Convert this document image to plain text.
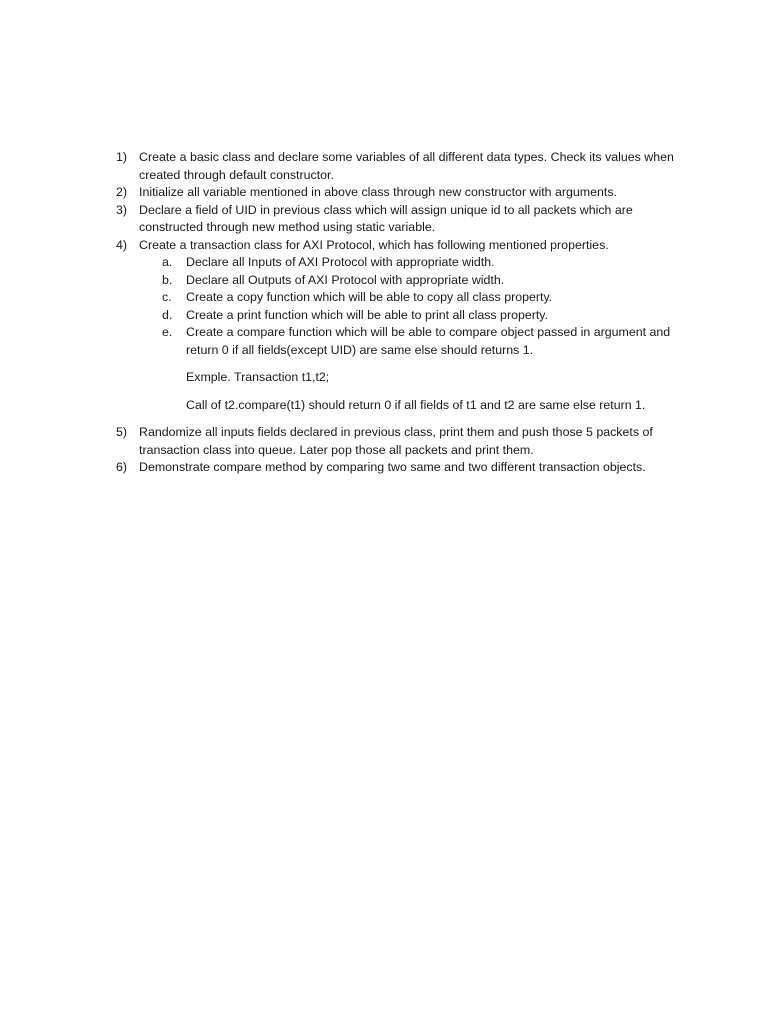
1) Create a basic class and declare some variables of all different data types. Check its values when created through default constructor.
2) Initialize all variable mentioned in above class through new constructor with arguments.
3) Declare a field of UID in previous class which will assign unique id to all packets which are constructed through new method using static variable.
4) Create a transaction class for AXI Protocol, which has following mentioned properties.
a. Declare all Inputs of AXI Protocol with appropriate width.
b. Declare all Outputs of AXI Protocol with appropriate width.
c. Create a copy function which will be able to copy all class property.
d. Create a print function which will be able to print all class property.
e. Create a compare function which will be able to compare object passed in argument and return 0 if all fields(except UID) are same else should returns 1.
Exmple. Transaction t1,t2;
Call of t2.compare(t1) should return 0 if all fields of t1 and t2 are same else return 1.
5) Randomize all inputs fields declared in previous class, print them and push those 5 packets of transaction class into queue. Later pop those all packets and print them.
6) Demonstrate compare method by comparing two same and two different transaction objects.
